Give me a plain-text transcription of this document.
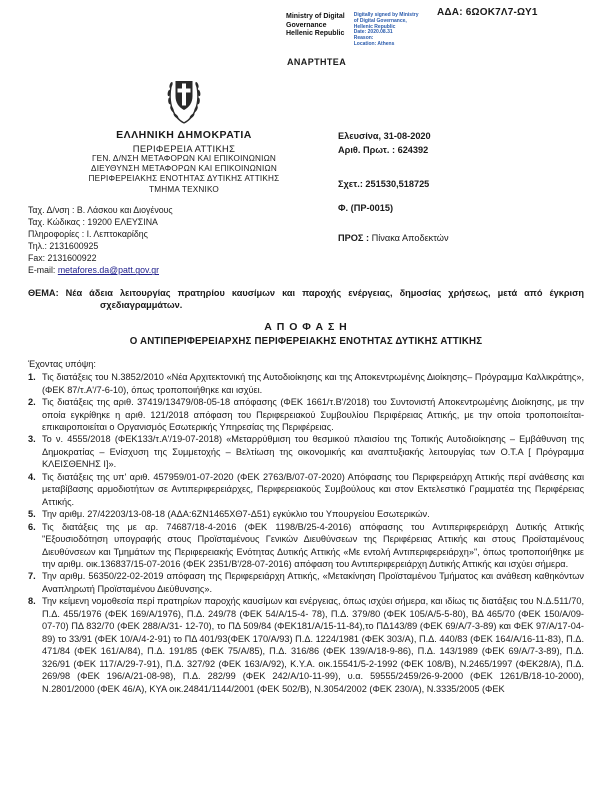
ΑΔΑ: 6ΩΟΚ7Λ7-ΩΥ1
Ministry of Digital
Governance
Hellenic Republic
Digitally signed by Ministry
of Digital Governance,
Hellenic Republic
Date: 2020.08.31
Reason:
Location: Athens
ΑΝΑΡΤΗΤΕΑ
ΕΛΛΗΝΙΚΗ ΔΗΜΟΚΡΑΤΙΑ
ΠΕΡΙΦΕΡΕΙΑ ΑΤΤΙΚΗΣ
ΓΕΝ. Δ/ΝΣΗ ΜΕΤΑΦΟΡΩΝ ΚΑΙ ΕΠΙΚΟΙΝΩΝΙΩΝ
ΔΙΕΥΘΥΝΣΗ ΜΕΤΑΦΟΡΩΝ ΚΑΙ ΕΠΙΚΟΙΝΩΝΙΩΝ
ΠΕΡΙΦΕΡΕΙΑΚΗΣ ΕΝΟΤΗΤΑΣ ΔΥΤΙΚΗΣ ΑΤΤΙΚΗΣ
ΤΜΗΜΑ ΤΕΧΝΙΚΟ
Ταχ. Δ/νση : Β. Λάσκου και Διογένους
Ταχ. Κώδικας : 19200 ΕΛΕΥΣΙΝΑ
Πληροφορίες : Ι. Λεπτοκαρίδης
Τηλ.: 2131600925
Fax: 2131600922
E-mail: metafores.da@patt.gov.gr
Ελευσίνα, 31-08-2020
Αριθ. Πρωτ. : 624392
Σχετ.: 251530,518725
Φ. (ΠΡ-0015)
ΠΡΟΣ : Πίνακα Αποδεκτών
ΘΕΜΑ: Νέα άδεια λειτουργίας πρατηρίου καυσίμων και παροχής ενέργειας, δημοσίας χρήσεως, μετά από έγκριση σχεδιαγραμμάτων.
Α Π Ο Φ Α Σ Η
Ο ΑΝΤΙΠΕΡΙΦΕΡΕΙΑΡΧΗΣ ΠΕΡΙΦΕΡΕΙΑΚΗΣ ΕΝΟΤΗΤΑΣ ΔΥΤΙΚΗΣ ΑΤΤΙΚΗΣ
Έχοντας υπόψη:
1. Τις διατάξεις του Ν.3852/2010 «Νέα Αρχιτεκτονική της Αυτοδιοίκησης και της Αποκεντρωμένης Διοίκησης– Πρόγραμμα Καλλικράτης», (ΦΕΚ 87/τ.Α'/7-6-10), όπως τροποποιήθηκε και ισχύει.
2. Τις διατάξεις της αριθ. 37419/13479/08-05-18 απόφασης (ΦΕΚ 1661/τ.Β'/2018) του Συντονιστή Αποκεντρωμένης Διοίκησης, με την οποία εγκρίθηκε η αριθ. 121/2018 απόφαση του Περιφερειακού Συμβουλίου Περιφέρειας Αττικής, με την οποία τροποποιείται-επικαιροποιείται ο Οργανισμός Εσωτερικής Υπηρεσίας της Περιφέρειας.
3. Το ν. 4555/2018 (ΦΕΚ133/τ.Α'/19-07-2018) «Μεταρρύθμιση του θεσμικού πλαισίου της Τοπικής Αυτοδιοίκησης – Εμβάθυνση της Δημοκρατίας – Ενίσχυση της Συμμετοχής – Βελτίωση της οικονομικής και αναπτυξιακής λειτουργίας των Ο.Τ.Α [ Πρόγραμμα ΚΛΕΙΣΘΕΝΗΣ Ι]».
4. Τις διατάξεις της υπ' αριθ. 457959/01-07-2020 (ΦΕΚ 2763/Β/07-07-2020) Απόφασης του Περιφερειάρχη Αττικής περί ανάθεσης και μεταβίβασης αρμοδιοτήτων σε Αντιπεριφερειάρχες, Περιφερειακούς Συμβούλους και στον Εκτελεστικό Γραμματέα της Περιφέρειας Αττικής.
5. Την αριθμ. 27/42203/13-08-18 (ΑΔΑ:6ΖΝ1465ΧΘ7-Δ51) εγκύκλιο του Υπουργείου Εσωτερικών.
6. Τις διατάξεις της με αρ. 74687/18-4-2016 (ΦΕΚ 1198/Β/25-4-2016) απόφασης του Αντιπεριφερειάρχη Δυτικής Αττικής "Εξουσιοδότηση υπογραφής στους Προϊσταμένους Γενικών Διευθύνσεων της Περιφέρειας Αττικής και στους Προϊσταμένους Διευθύνσεων και Τμημάτων της Περιφερειακής Ενότητας Δυτικής Αττικής «Με εντολή Αντιπεριφερειάρχη»", όπως τροποποιήθηκε με την αριθμ. οικ.136837/15-07-2016 (ΦΕΚ 2351/Β'/28-07-2016) απόφαση του Αντιπεριφερειάρχη Δυτικής Αττικής και ισχύει σήμερα.
7. Την αριθμ. 56350/22-02-2019 απόφαση της Περιφερειάρχη Αττικής, «Μετακίνηση Προϊσταμένου Τμήματος και ανάθεση καθηκόντων Αναπληρωτή Προϊσταμένου Διεύθυνσης».
8. Την κείμενη νομοθεσία περί πρατηρίων παροχής καυσίμων και ενέργειας, όπως ισχύει σήμερα, και ιδίως τις διατάξεις του Ν.Δ.511/70, Π.Δ. 455/1976 (ΦΕΚ 169/Α/1976), Π.Δ. 249/78 (ΦΕΚ 54/Α/15-4- 78), Π.Δ. 379/80 (ΦΕΚ 105/Α/5-5-80), ΒΔ 465/70 (ΦΕΚ 150/Α/09-07-70) ΠΔ 832/70 (ΦΕΚ 288/Α/31- 12-70), το ΠΔ 509/84 (ΦΕΚ181/Α/15-11-84),το ΠΔ143/89 (ΦΕΚ 69/Α/7-3-89) και ΦΕΚ 97/Α/17-04- 89) το 33/91 (ΦΕΚ 10/Α/4-2-91) το ΠΔ 401/93(ΦΕΚ 170/Α/93) Π.Δ. 1224/1981 (ΦΕΚ 303/Α), Π.Δ. 440/83 (ΦΕΚ 164/Α/16-11-83), Π.Δ. 471/84 (ΦΕΚ 161/Α/84), Π.Δ. 191/85 (ΦΕΚ 75/Α/85), Π.Δ. 316/86 (ΦΕΚ 139/Α/18-9-86), Π.Δ. 143/1989 (ΦΕΚ 69/Α/7-3-89), Π.Δ. 326/91 (ΦΕΚ 117/Α/29-7-91), Π.Δ. 327/92 (ΦΕΚ 163/Α/92), Κ.Υ.Α. οικ.15541/5-2-1992 (ΦΕΚ 108/Β), Ν.2465/1997 (ΦΕΚ28/Α), Π.Δ. 269/98 (ΦΕΚ 196/Α/21-08-98), Π.Δ. 282/99 (ΦΕΚ 242/Α/10-11-99), υ.α. 59555/2459/26-9-2000 (ΦΕΚ 1261/Β/18-10-2000), Ν.2801/2000 (ΦΕΚ 46/Α), ΚΥΑ οικ.24841/1144/2001 (ΦΕΚ 502/Β), Ν.3054/2002 (ΦΕΚ 230/Α), Ν.3335/2005 (ΦΕΚ
